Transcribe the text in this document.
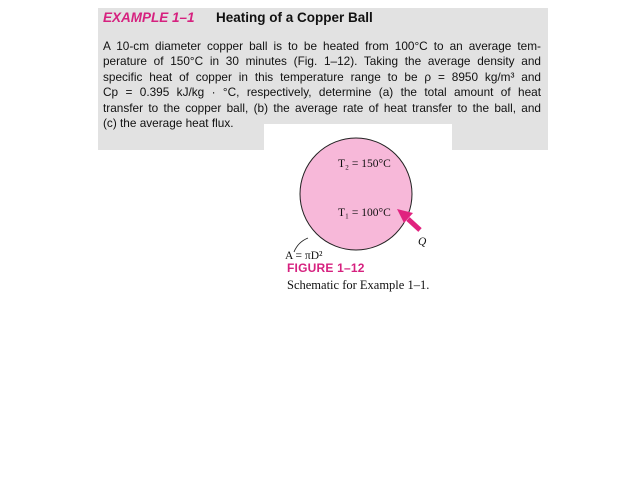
EXAMPLE 1–1	Heating of a Copper Ball
A 10-cm diameter copper ball is to be heated from 100°C to an average tem-
perature of 150°C in 30 minutes (Fig. 1–12). Taking the average density and
specific heat of copper in this temperature range to be ρ = 8950 kg/m³ and
Cp = 0.395 kJ/kg · °C, respectively, determine (a) the total amount of heat
transfer to the copper ball, (b) the average rate of heat transfer to the ball, and
(c) the average heat flux.
T₂ = 150°C
T₁ = 100°C
Q
A = πD²
FIGURE 1–12
Schematic for Example 1–1.
